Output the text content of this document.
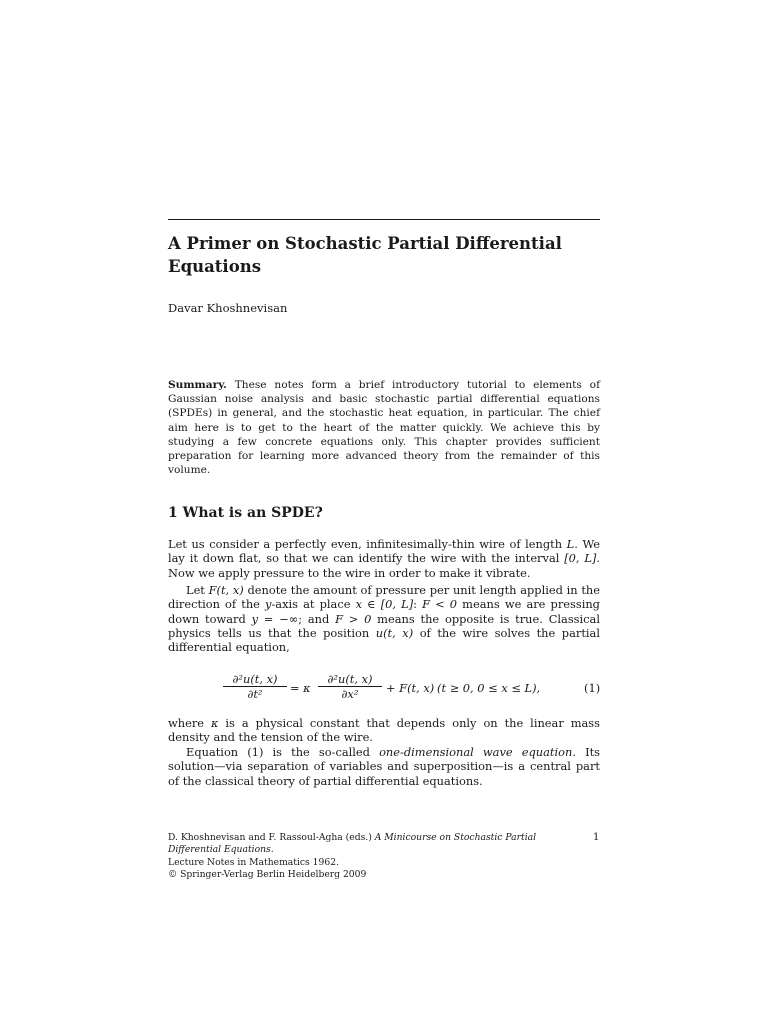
A Primer on Stochastic Partial Differential Equations

Davar Khoshnevisan

Summary. These notes form a brief introductory tutorial to elements of Gaussian noise analysis and basic stochastic partial differential equations (SPDEs) in general, and the stochastic heat equation, in particular. The chief aim here is to get to the heart of the matter quickly. We achieve this by studying a few concrete equations only. This chapter provides sufficient preparation for learning more advanced theory from the remainder of this volume.

1 What is an SPDE?

Let us consider a perfectly even, infinitesimally-thin wire of length L. We lay it down flat, so that we can identify the wire with the interval [0, L]. Now we apply pressure to the wire in order to make it vibrate.

Let F(t, x) denote the amount of pressure per unit length applied in the direction of the y-axis at place x ∈ [0, L]: F < 0 means we are pressing down toward y = −∞; and F > 0 means the opposite is true. Classical physics tells us that the position u(t, x) of the wire solves the partial differential equation,

$\frac{\text{∂²u(t, x)}}{\text{∂t²}} = \kappa \frac{\text{∂²u(t, x)}}{\text{∂x²}} + F(t$, x) (t ≥ 0, 0 ≤ x ≤ L),	(1)

where κ is a physical constant that depends only on the linear mass density and the tension of the wire.

Equation (1) is the so-called one-dimensional wave equation. Its solution—via separation of variables and superposition—is a central part of the classical theory of partial differential equations.

D. Khoshnevisan and F. Rassoul-Agha (eds.) A Minicourse on Stochastic Partial
Differential Equations.
Lecture Notes in Mathematics 1962.
© Springer-Verlag Berlin Heidelberg 2009

1
